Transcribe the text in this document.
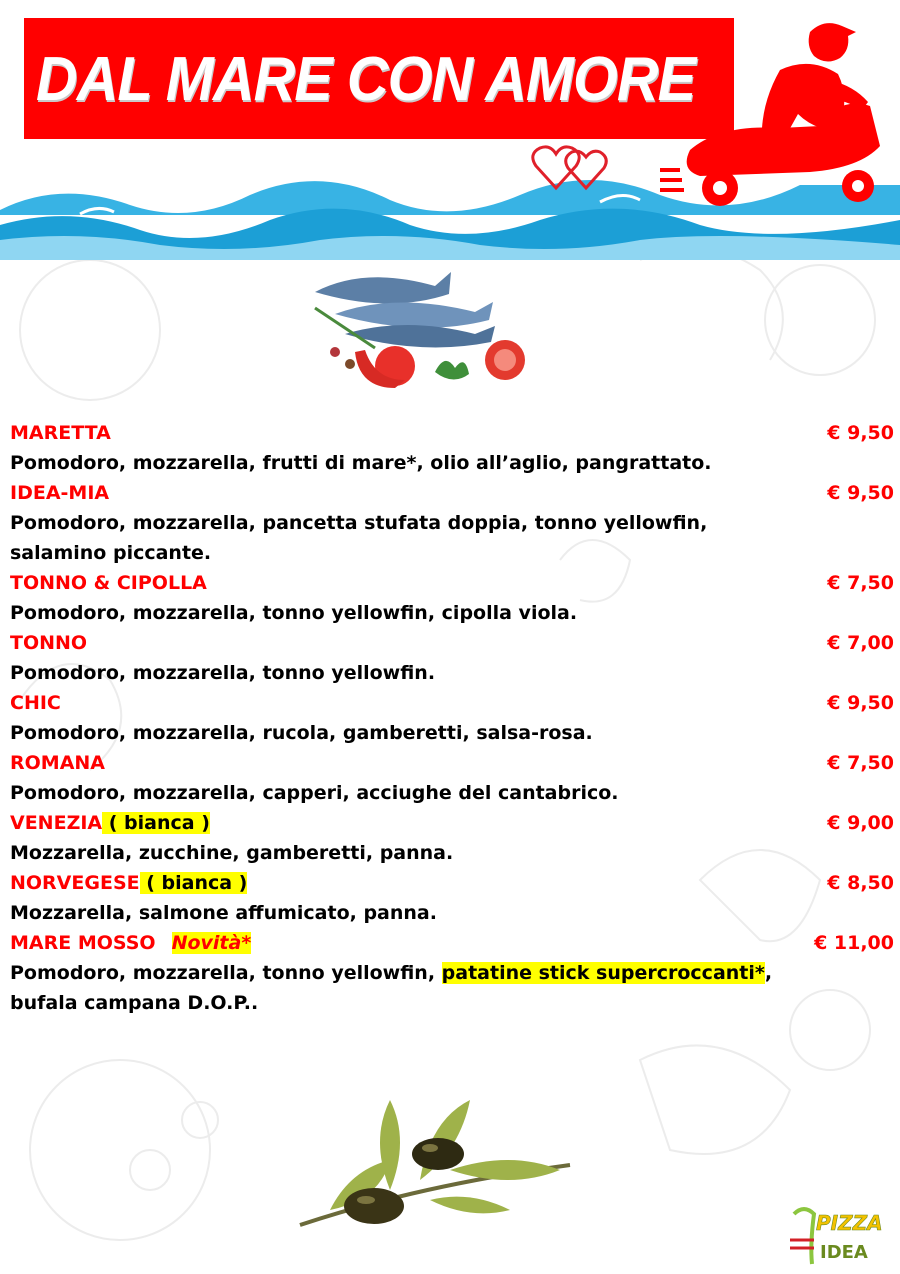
DAL MARE CON AMORE
MARETTA	€ 9,50

Pomodoro, mozzarella, frutti di mare*, olio all’aglio, pangrattato.

IDEA-MIA	€ 9,50

Pomodoro, mozzarella, pancetta stufata doppia, tonno yellowfin, salamino piccante.

TONNO & CIPOLLA	€ 7,50

Pomodoro, mozzarella, tonno yellowfin, cipolla viola.

TONNO	€ 7,00

Pomodoro, mozzarella, tonno yellowfin.

CHIC	€ 9,50

Pomodoro, mozzarella, rucola, gamberetti, salsa-rosa.

ROMANA	€ 7,50

Pomodoro, mozzarella, capperi, acciughe del cantabrico.

VENEZIA ( bianca )	€ 9,00

Mozzarella, zucchine, gamberetti, panna.

NORVEGESE ( bianca )	€ 8,50

Mozzarella, salmone affumicato, panna.

MARE MOSSO Novità*	€ 11,00

Pomodoro, mozzarella, tonno yellowfin, patatine stick supercroccanti*, bufala campana D.O.P..

PIZZA
IDEA
